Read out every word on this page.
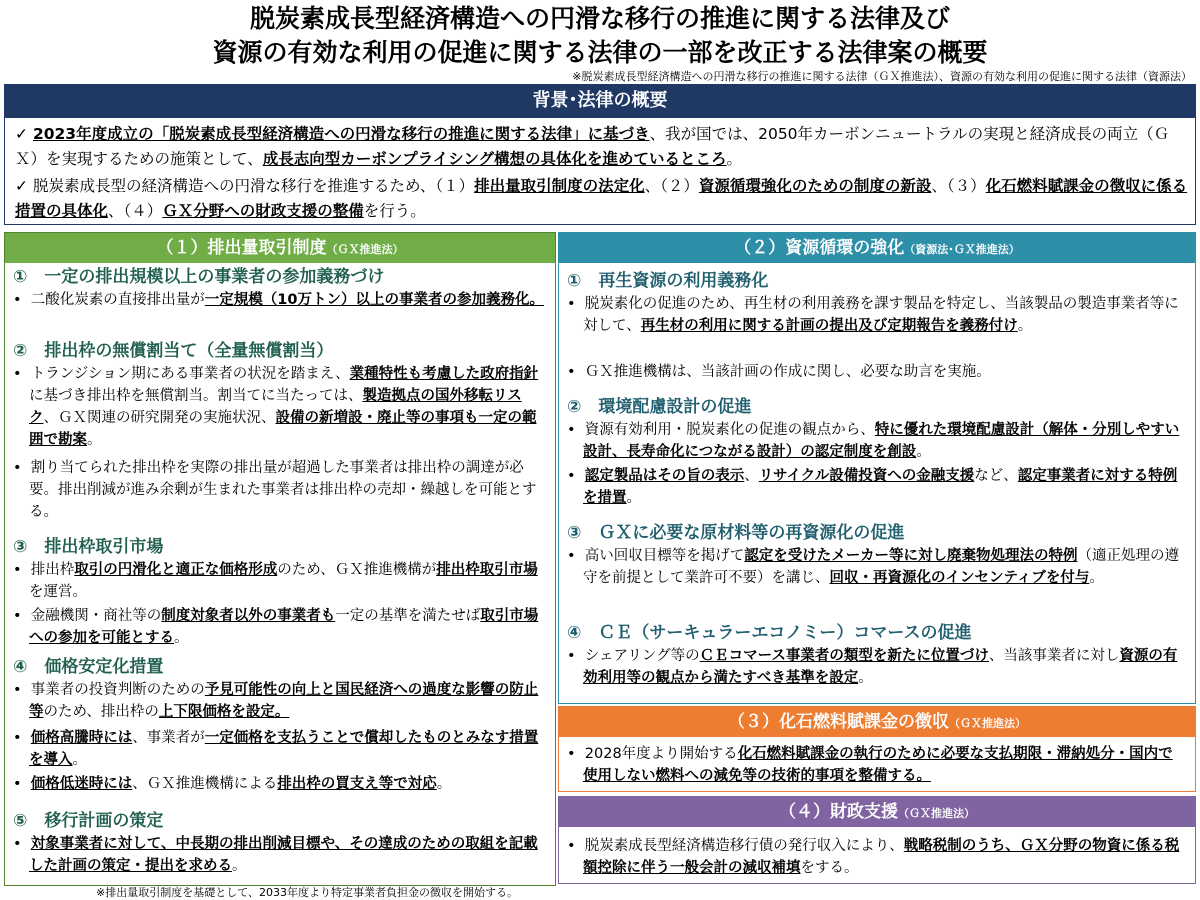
脱炭素成長型経済構造への円滑な移行の推進に関する法律及び
資源の有効な利用の促進に関する法律の一部を改正する法律案の概要
※脱炭素成長型経済構造への円滑な移行の推進に関する法律（ＧＸ推進法）、資源の有効な利用の促進に関する法律（資源法）
背景･法律の概要
✓ 2023年度成立の「脱炭素成長型経済構造への円滑な移行の推進に関する法律」に基づき、我が国では、2050年カーボンニュートラルの実現と経済成長の両立（ＧＸ）を実現するための施策として、成長志向型カーボンプライシング構想の具体化を進めているところ。
✓ 脱炭素成長型の経済構造への円滑な移行を推進するため、（１）排出量取引制度の法定化、（２）資源循環強化のための制度の新設、（３）化石燃料賦課金の徴収に係る措置の具体化、（４）ＧＸ分野への財政支援の整備を行う。
（１）排出量取引制度（ＧＸ推進法）
①　一定の排出規模以上の事業者の参加義務づけ
• 二酸化炭素の直接排出量が一定規模（10万トン）以上の事業者の参加義務化。
②　排出枠の無償割当て（全量無償割当）
• トランジション期にある事業者の状況を踏まえ、業種特性も考慮した政府指針に基づき排出枠を無償割当。割当てに当たっては、製造拠点の国外移転リスク、ＧＸ関連の研究開発の実施状況、設備の新増設・廃止等の事項も一定の範囲で勘案。
• 割り当てられた排出枠を実際の排出量が超過した事業者は排出枠の調達が必要。排出削減が進み余剰が生まれた事業者は排出枠の売却・繰越しを可能とする。
③　排出枠取引市場
• 排出枠取引の円滑化と適正な価格形成のため、ＧＸ推進機構が排出枠取引市場を運営。
• 金融機関・商社等の制度対象者以外の事業者も一定の基準を満たせば取引市場への参加を可能とする。
④　価格安定化措置
• 事業者の投資判断のための予見可能性の向上と国民経済への過度な影響の防止等のため、排出枠の上下限価格を設定。
• 価格高騰時には、事業者が一定価格を支払うことで償却したものとみなす措置を導入。
• 価格低迷時には、ＧＸ推進機構による排出枠の買支え等で対応。
⑤　移行計画の策定
• 対象事業者に対して、中長期の排出削減目標や、その達成のための取組を記載した計画の策定・提出を求める。
※排出量取引制度を基礎として、2033年度より特定事業者負担金の徴収を開始する。
（２）資源循環の強化（資源法･ＧＸ推進法）
①　再生資源の利用義務化
• 脱炭素化の促進のため、再生材の利用義務を課す製品を特定し、当該製品の製造事業者等に対して、再生材の利用に関する計画の提出及び定期報告を義務付け。
• ＧＸ推進機構は、当該計画の作成に関し、必要な助言を実施。
②　環境配慮設計の促進
• 資源有効利用・脱炭素化の促進の観点から、特に優れた環境配慮設計（解体・分別しやすい設計、長寿命化につながる設計）の認定制度を創設。
• 認定製品はその旨の表示、リサイクル設備投資への金融支援など、認定事業者に対する特例を措置。
③　ＧＸに必要な原材料等の再資源化の促進
• 高い回収目標等を掲げて認定を受けたメーカー等に対し廃棄物処理法の特例（適正処理の遵守を前提として業許可不要）を講じ、回収・再資源化のインセンティブを付与。
④　ＣＥ（サーキュラーエコノミー）コマースの促進
• シェアリング等のＣＥコマース事業者の類型を新たに位置づけ、当該事業者に対し資源の有効利用等の観点から満たすべき基準を設定。
（３）化石燃料賦課金の徴収（ＧＸ推進法）
• 2028年度より開始する化石燃料賦課金の執行のために必要な支払期限・滞納処分・国内で使用しない燃料への減免等の技術的事項を整備する。
（４）財政支援（ＧＸ推進法）
• 脱炭素成長型経済構造移行債の発行収入により、戦略税制のうち、ＧＸ分野の物資に係る税額控除に伴う一般会計の減収補填をする。
